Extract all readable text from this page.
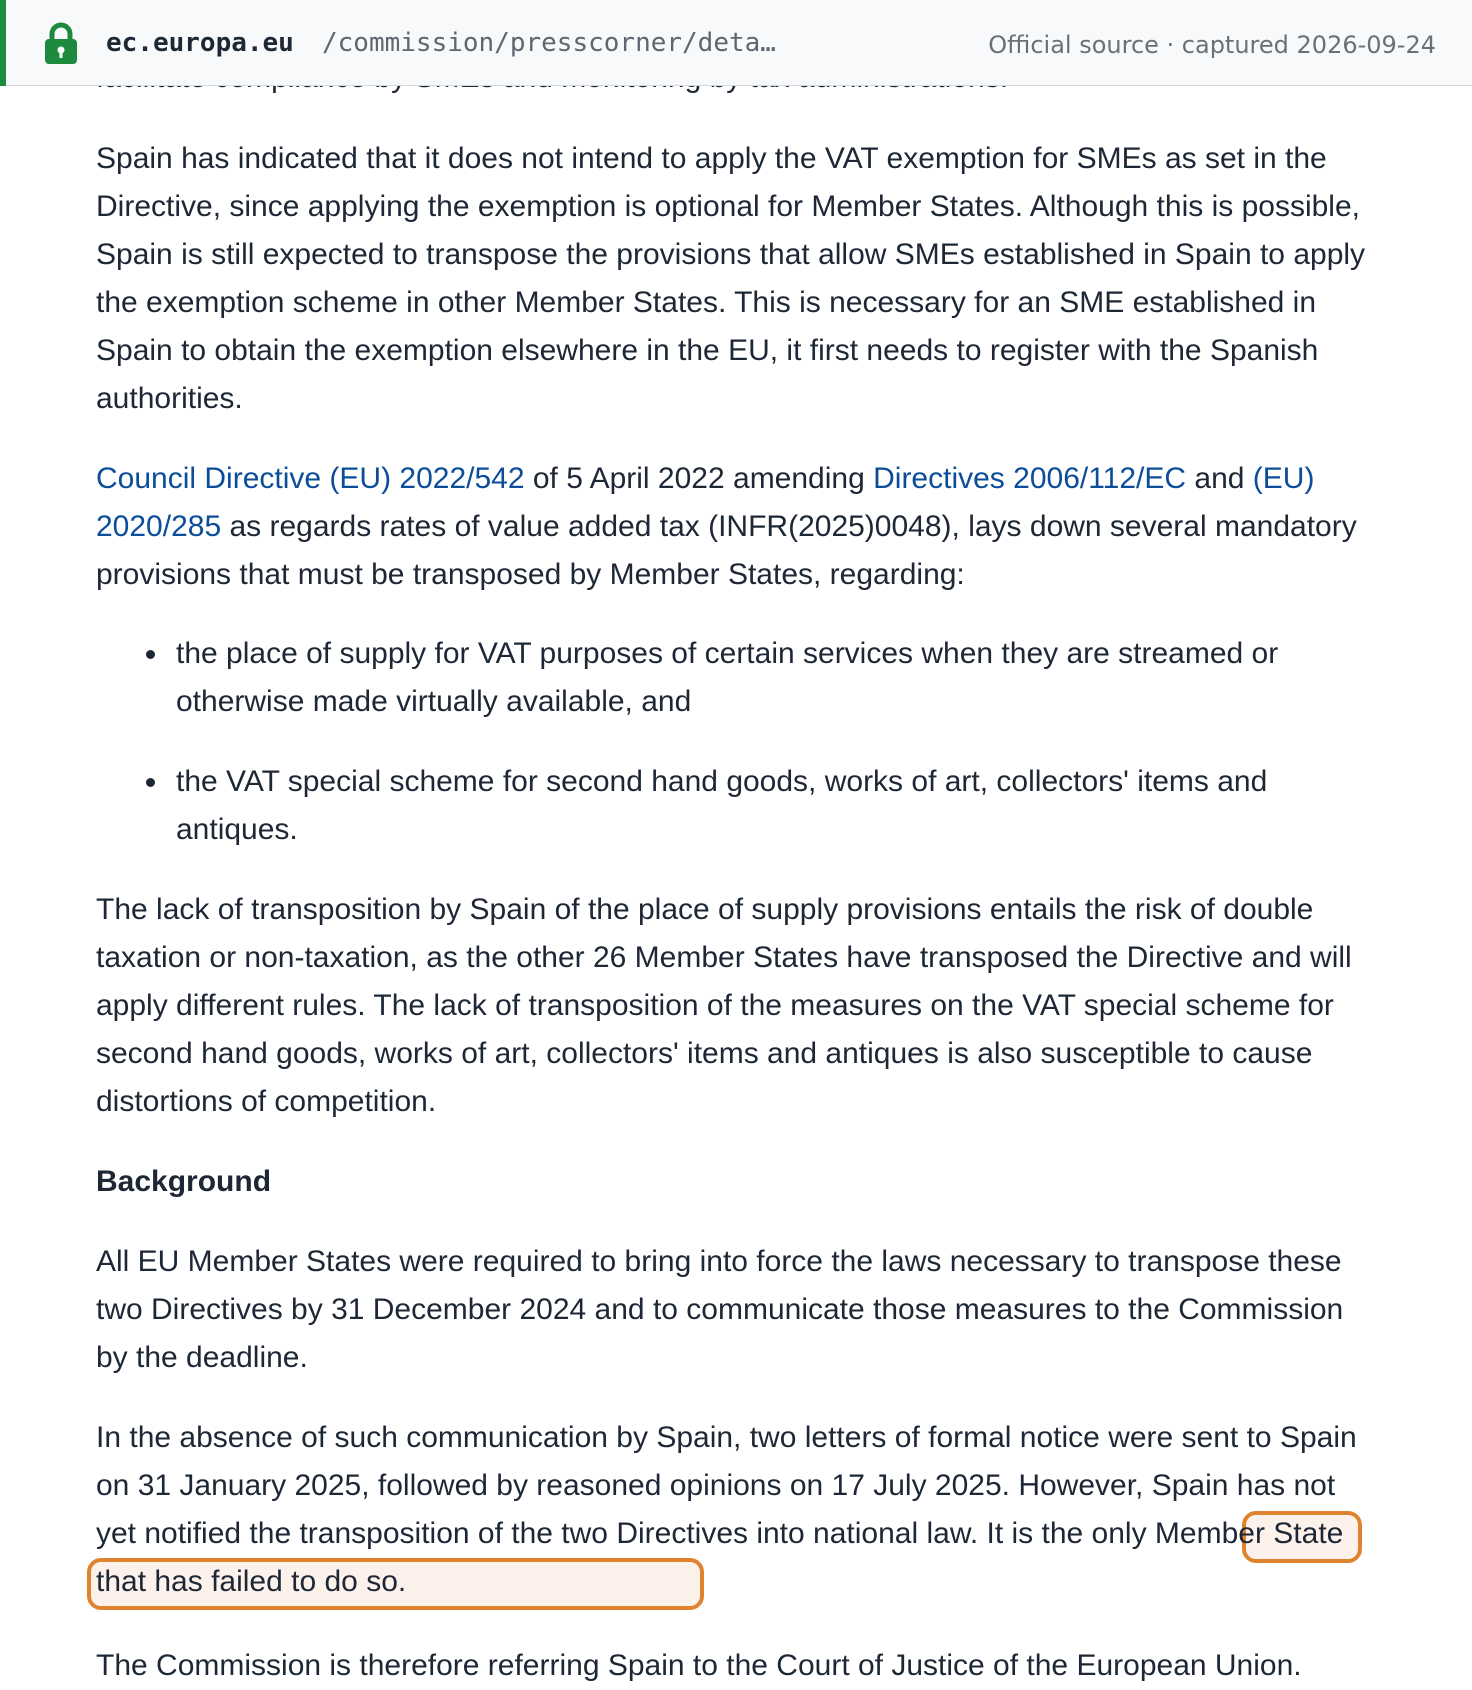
ec.europa.eu /commission/presscorner/deta…	Official source · captured 2026-09-24

Spain has indicated that it does not intend to apply the VAT exemption for SMEs as set in the Directive, since applying the exemption is optional for Member States. Although this is possible, Spain is still expected to transpose the provisions that allow SMEs established in Spain to apply the exemption scheme in other Member States. This is necessary for an SME established in Spain to obtain the exemption elsewhere in the EU, it first needs to register with the Spanish authorities.

Council Directive (EU) 2022/542 of 5 April 2022 amending Directives 2006/112/EC and (EU) 2020/285 as regards rates of value added tax (INFR(2025)0048), lays down several mandatory provisions that must be transposed by Member States, regarding:

the place of supply for VAT purposes of certain services when they are streamed or otherwise made virtually available, and
the VAT special scheme for second hand goods, works of art, collectors' items and antiques.

The lack of transposition by Spain of the place of supply provisions entails the risk of double taxation or non-taxation, as the other 26 Member States have transposed the Directive and will apply different rules. The lack of transposition of the measures on the VAT special scheme for second hand goods, works of art, collectors' items and antiques is also susceptible to cause distortions of competition.

Background

All EU Member States were required to bring into force the laws necessary to transpose these two Directives by 31 December 2024 and to communicate those measures to the Commission by the deadline.

In the absence of such communication by Spain, two letters of formal notice were sent to Spain on 31 January 2025, followed by reasoned opinions on 17 July 2025. However, Spain has not yet notified the transposition of the two Directives into national law. It is the only Member State that has failed to do so.

The Commission is therefore referring Spain to the Court of Justice of the European Union.
